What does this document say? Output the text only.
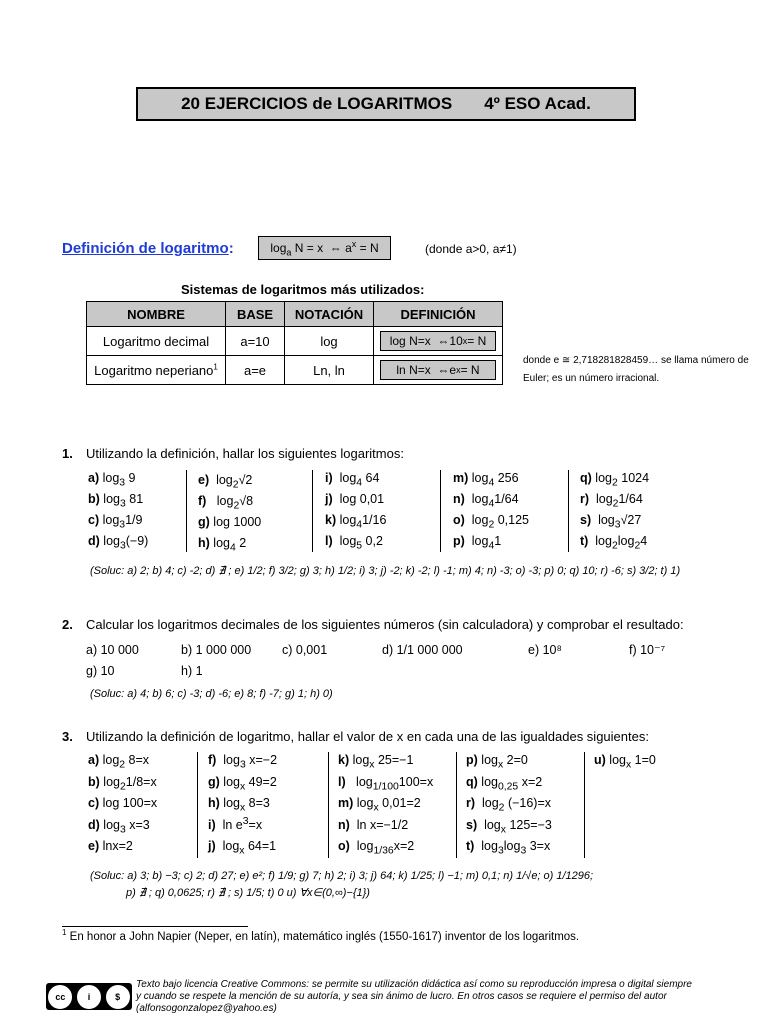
20 EJERCICIOS de LOGARITMOS 4º ESO Acad.
Definición de logaritmo:	$\log_a N = x$  ⇔ $a^x = N$	(donde a>0, a≠1)
Sistemas de logaritmos más utilizados:
NOMBRE	BASE	NOTACIÓN	DEFINICIÓN
Logaritmo decimal	a=10	log	log N=x  ⇔10 x = N

Logaritmo neperiano$^1$	a=e	Ln, ln	ln N=x  ⇔e x = N
donde e ≅ 2,718281828459… se llama número de Euler; es un número irracional.
1. Utilizando la definición, hallar los siguientes logaritmos:
a) $\log_3 9$
b) $\log_3 81$
c) $\log_31/9$
d) $\log_3(-9)$
e)  $\log_2√2$
f)   $\log_2√8$
g) log 1000
h) $\log_4 2$
i)  $\log_4 64$
j)  log 0,01
k) $\log_41/16$
l)  $\log_5 0,2$
m) $\log_4 256$
n)  $\log_41/64$
o)  $\log_2 0,125$
p)  $\log_41$
q) $\log_2 1024$
r)  $\log_21/64$
s)  $\log_3√27$
t)  $\log_2\log_24$
(Soluc: a) 2; b) 4; c) -2; d) ∄ ; e) 1/2; f) 3/2; g) 3; h) 1/2; i) 3; j) -2; k) -2; l) -1; m) 4; n) -3; o) -3; p) 0; q) 10; r) -6; s) 3/2; t) 1)
2. Calcular los logaritmos decimales de los siguientes números (sin calculadora) y comprobar el resultado:
a) 10 000	b) 1 000 000 c) 0,001	d) 1/1 000 000	e) 10⁸	f) 10⁻⁷
g) 10	h) 1
(Soluc: a) 4; b) 6; c) -3; d) -6; e) 8; f) -7; g) 1; h) 0)
3. Utilizando la definición de logaritmo, hallar el valor de x en cada una de las igualdades siguientes:
a) $\log_2 8=x$
b) $\log_21/8=x$
c) log 100=x
d) $\log_3 x=3$
e) lnx=2
f)  $\log_3 x=-2$
g) $\log_x 49=2$
h) $\log_x 8=3$
i)  $\ln e^3=x$
j)  $\log_x 64=1$
k) $\log_x 25=-1$
l)   $\log_{1/100}100=x$
m) $\log_x 0,01=2$
n)  ln x=−1/2
o)  $\log_{1/36}x=2$
p) $\log_x 2=0$
q) $\log_{0,25} x=2$
r)  $\log_2 (-16)=x$
s)  $\log_x 125=-3$
t)  $\log_3\log_3$ 3=x
u) $\log_x 1=0$
(Soluc: a) 3; b) −3; c) 2; d) 27; e) e²; f) 1/9; g) 7; h) 2; i) 3; j) 64; k) 1/25; l) −1; m) 0,1; n) 1/√e; o) 1/1296;
p) ∄ ; q) 0,0625; r) ∄ ; s) 1/5; t) 0 u) ∀x∈(0,∞)−{1})
$^1$ En honor a John Napier (Neper, en latín), matemático inglés (1550-1617) inventor de los logaritmos.
cc	i	$
Texto bajo licencia Creative Commons: se permite su utilización didáctica así como su reproducción impresa o digital siempre y cuando se respete la mención de su autoría, y sea sin ánimo de lucro. En otros casos se requiere el permiso del autor (alfonsogonzalopez@yahoo.es)
